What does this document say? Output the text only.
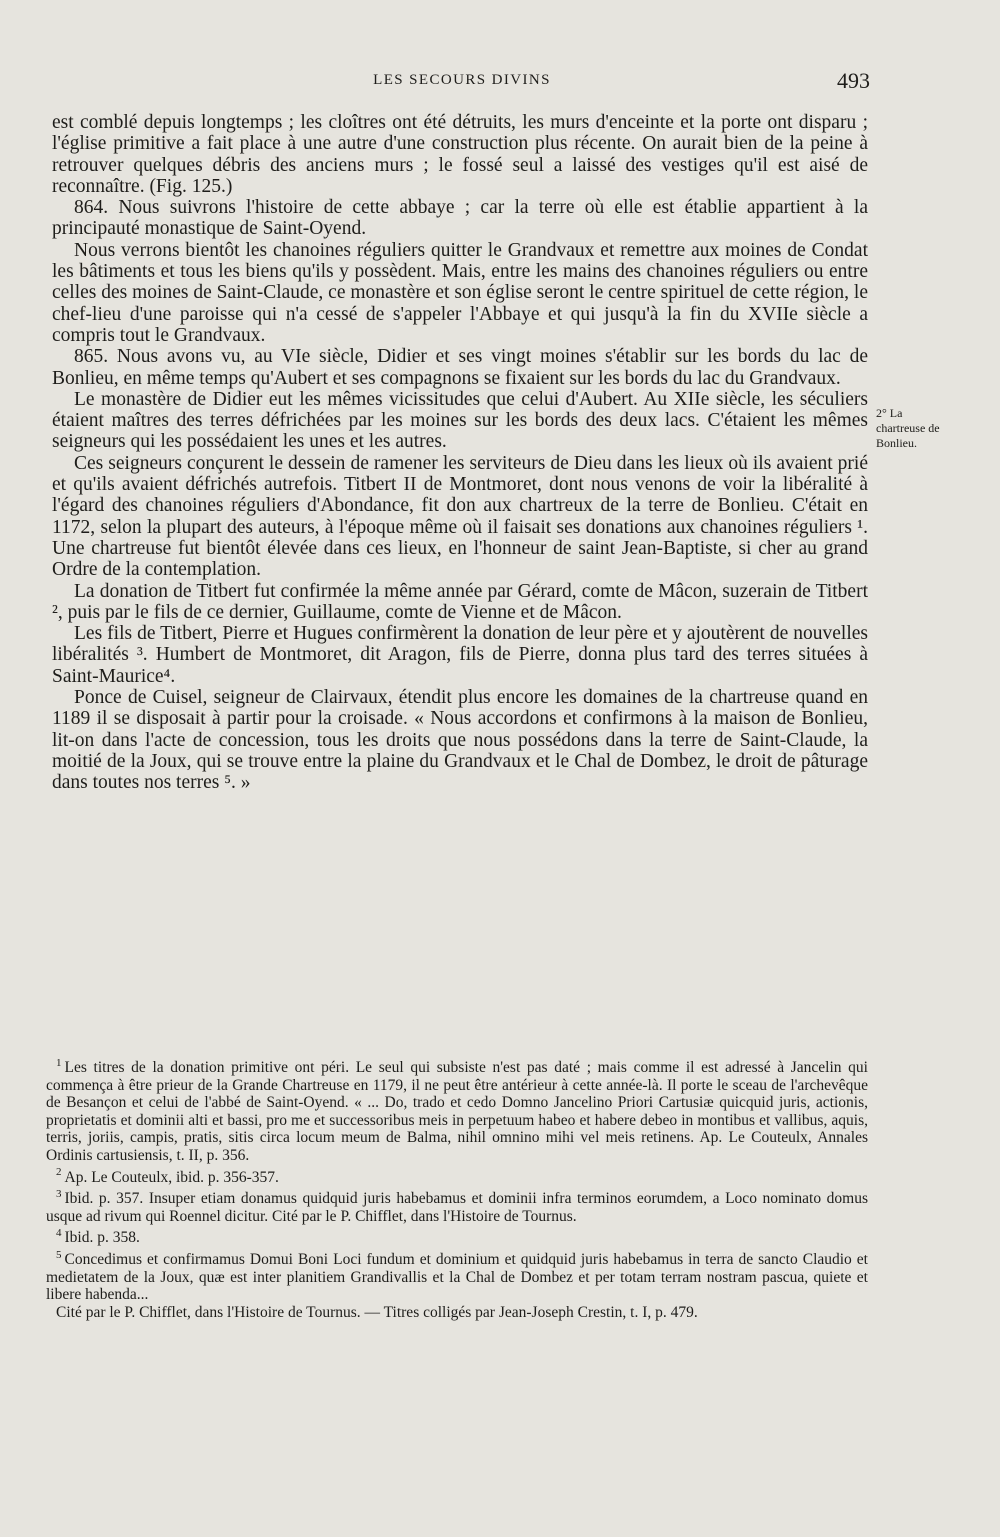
LES SECOURS DIVINS	493

est comblé depuis longtemps ; les cloîtres ont été détruits, les murs d'enceinte et la porte ont disparu ; l'église primitive a fait place à une autre d'une construction plus récente. On aurait bien de la peine à retrouver quelques débris des anciens murs ; le fossé seul a laissé des vestiges qu'il est aisé de reconnaître. (Fig. 125.)

864. Nous suivrons l'histoire de cette abbaye ; car la terre où elle est établie appartient à la principauté monastique de Saint-Oyend.

Nous verrons bientôt les chanoines réguliers quitter le Grandvaux et remettre aux moines de Condat les bâtiments et tous les biens qu'ils y possèdent. Mais, entre les mains des chanoines réguliers ou entre celles des moines de Saint-Claude, ce monastère et son église seront le centre spirituel de cette région, le chef-lieu d'une paroisse qui n'a cessé de s'appeler l'Abbaye et qui jusqu'à la fin du XVIIe siècle a compris tout le Grandvaux.

865. Nous avons vu, au VIe siècle, Didier et ses vingt moines s'établir sur les bords du lac de Bonlieu, en même temps qu'Aubert et ses compagnons se fixaient sur les bords du lac du Grandvaux.

Le monastère de Didier eut les mêmes vicissitudes que celui d'Aubert. Au XIIe siècle, les séculiers étaient maîtres des terres défrichées par les moines sur les bords des deux lacs. C'étaient les mêmes seigneurs qui les possédaient les unes et les autres.

Ces seigneurs conçurent le dessein de ramener les serviteurs de Dieu dans les lieux où ils avaient prié et qu'ils avaient défrichés autrefois. Titbert II de Montmoret, dont nous venons de voir la libéralité à l'égard des chanoines réguliers d'Abondance, fit don aux chartreux de la terre de Bonlieu. C'était en 1172, selon la plupart des auteurs, à l'époque même où il faisait ses donations aux chanoines réguliers ¹. Une chartreuse fut bientôt élevée dans ces lieux, en l'honneur de saint Jean-Baptiste, si cher au grand Ordre de la contemplation.

La donation de Titbert fut confirmée la même année par Gérard, comte de Mâcon, suzerain de Titbert ², puis par le fils de ce dernier, Guillaume, comte de Vienne et de Mâcon.

Les fils de Titbert, Pierre et Hugues confirmèrent la donation de leur père et y ajoutèrent de nouvelles libéralités ³. Humbert de Montmoret, dit Aragon, fils de Pierre, donna plus tard des terres situées à Saint-Maurice⁴.

Ponce de Cuisel, seigneur de Clairvaux, étendit plus encore les domaines de la chartreuse quand en 1189 il se disposait à partir pour la croisade. « Nous accordons et confirmons à la maison de Bonlieu, lit-on dans l'acte de concession, tous les droits que nous possédons dans la terre de Saint-Claude, la moitié de la Joux, qui se trouve entre la plaine du Grandvaux et le Chal de Dombez, le droit de pâturage dans toutes nos terres ⁵. »

2° La chartreuse de Bonlieu.

$^1$ Les titres de la donation primitive ont péri. Le seul qui subsiste n'est pas daté ; mais comme il est adressé à Jancelin qui commença à être prieur de la Grande Chartreuse en 1179, il ne peut être antérieur à cette année-là. Il porte le sceau de l'archevêque de Besançon et celui de l'abbé de Saint-Oyend. « ... Do, trado et cedo Domno Jancelino Priori Cartusiæ quicquid juris, actionis, proprietatis et dominii alti et bassi, pro me et successoribus meis in perpetuum habeo et habere debeo in montibus et vallibus, aquis, terris, joriis, campis, pratis, sitis circa locum meum de Balma, nihil omnino mihi vel meis retinens. Ap. Le Couteulx, Annales Ordinis cartusiensis, t. II, p. 356.

$^2$ Ap. Le Couteulx, ibid. p. 356-357.

$^3$ Ibid. p. 357. Insuper etiam donamus quidquid juris habebamus et dominii infra terminos eorumdem, a Loco nominato domus usque ad rivum qui Roennel dicitur. Cité par le P. Chifflet, dans l'Histoire de Tournus.

$^4$ Ibid. p. 358.

$^5$ Concedimus et confirmamus Domui Boni Loci fundum et dominium et quidquid juris habebamus in terra de sancto Claudio et medietatem de la Joux, quæ est inter planitiem Grandivallis et la Chal de Dombez et per totam terram nostram pascua, quiete et libere habenda...
Cité par le P. Chifflet, dans l'Histoire de Tournus. — Titres colligés par Jean-Joseph Crestin, t. I, p. 479.
